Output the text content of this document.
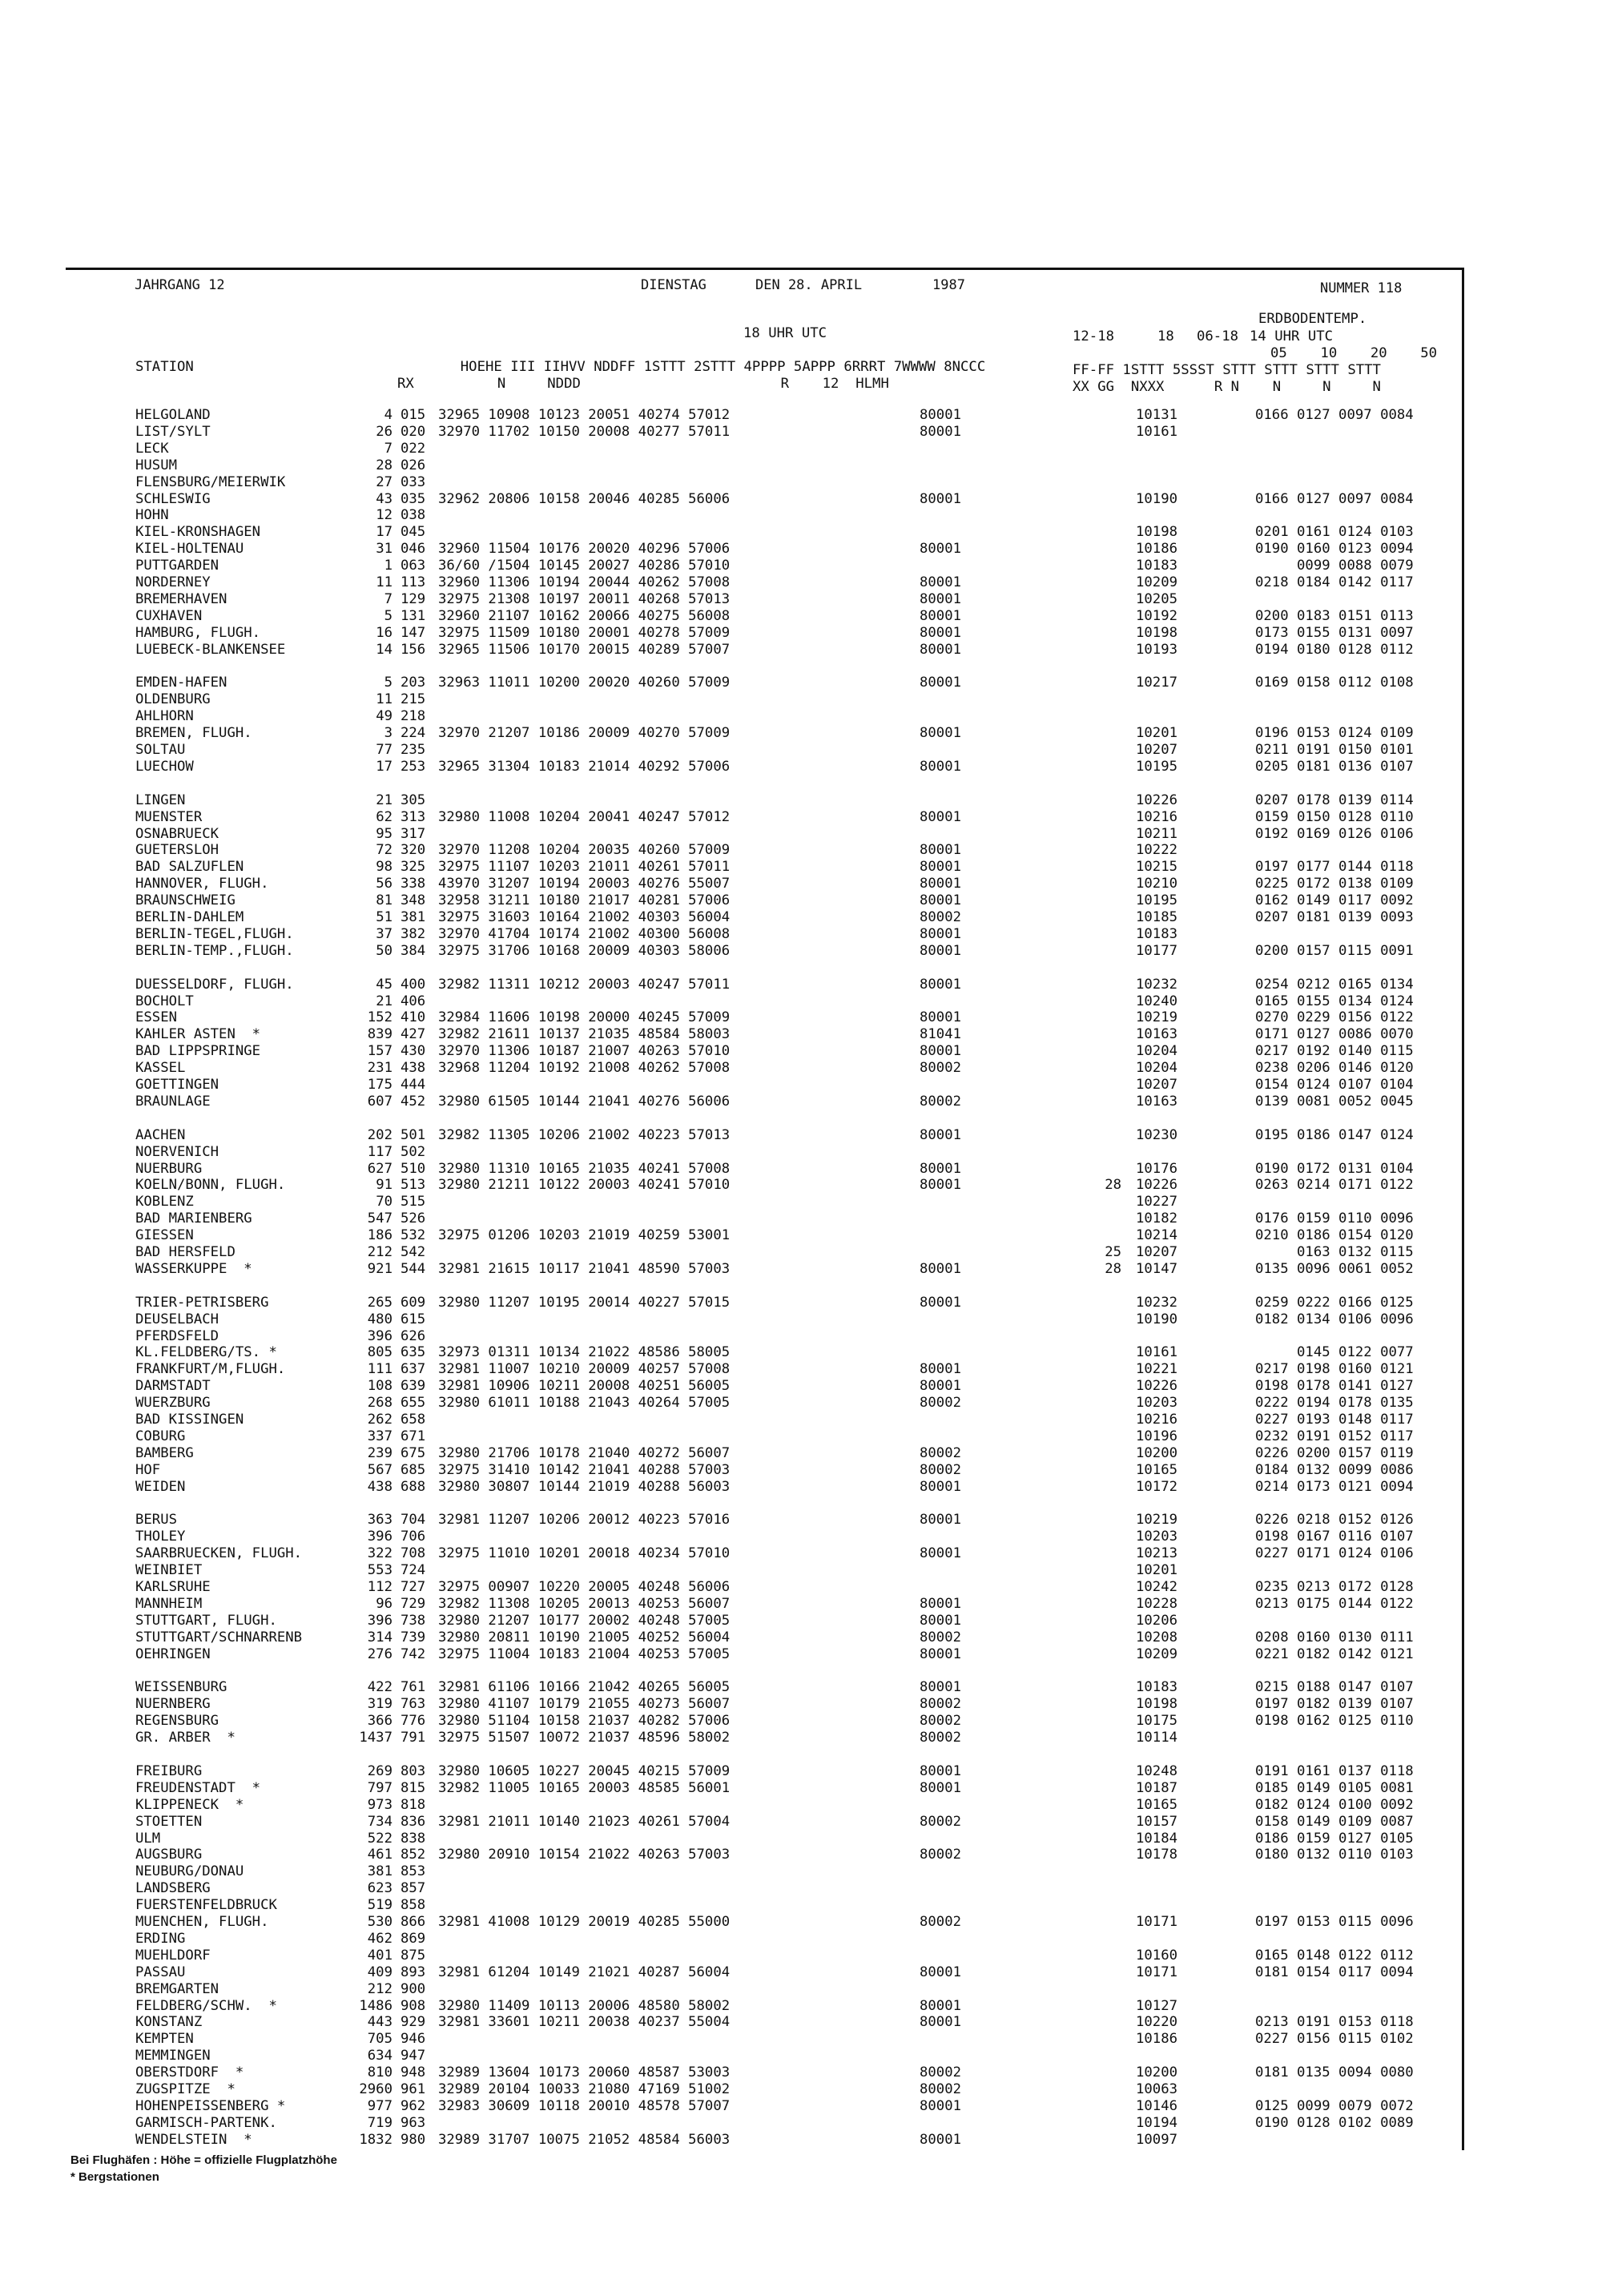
JAHRGANG 12	DIENSTAG	DEN 28. APRIL	1987	NUMMER 118
ERDBODENTEMP.
18 UHR UTC	12-18	18 06-18 14 UHR UTC
05    10    20    50
STATION                                HOEHE III IIHVV NDDFF 1STTT 2STTT 4PPPP 5APPP 6RRRT 7WWWW 8NCCC	FF-FF 1STTT 5SSST STTT STTT STTT STTT
RX          N     NDDD                        R    12  HLMH	XX GG  NXXX      R N    N     N     N
HELGOLAND	4 015 32965 10908 10123 20051 40274 57012	80001	10131	0166 0127 0097 0084
LIST/SYLT	26 020 32970 11702 10150 20008 40277 57011	80001	10161
LECK	7 022
HUSUM	28 026
FLENSBURG/MEIERWIK	27 033
SCHLESWIG	43 035 32962 20806 10158 20046 40285 56006	80001	10190	0166 0127 0097 0084
HOHN	12 038
KIEL-KRONSHAGEN	17 045	10198	0201 0161 0124 0103
KIEL-HOLTENAU	31 046 32960 11504 10176 20020 40296 57006	80001	10186	0190 0160 0123 0094
PUTTGARDEN	1 063 36/60 /1504 10145 20027 40286 57010	10183	0099 0088 0079
NORDERNEY	11 113 32960 11306 10194 20044 40262 57008	80001	10209	0218 0184 0142 0117
BREMERHAVEN	7 129 32975 21308 10197 20011 40268 57013	80001	10205
CUXHAVEN	5 131 32960 21107 10162 20066 40275 56008	80001	10192	0200 0183 0151 0113
HAMBURG, FLUGH.	16 147 32975 11509 10180 20001 40278 57009	80001	10198	0173 0155 0131 0097
LUEBECK-BLANKENSEE	14 156 32965 11506 10170 20015 40289 57007	80001	10193	0194 0180 0128 0112
EMDEN-HAFEN	5 203 32963 11011 10200 20020 40260 57009	80001	10217	0169 0158 0112 0108
OLDENBURG	11 215
AHLHORN	49 218
BREMEN, FLUGH.	3 224 32970 21207 10186 20009 40270 57009	80001	10201	0196 0153 0124 0109
SOLTAU	77 235	10207	0211 0191 0150 0101
LUECHOW	17 253 32965 31304 10183 21014 40292 57006	80001	10195	0205 0181 0136 0107
LINGEN	21 305	10226	0207 0178 0139 0114
MUENSTER	62 313 32980 11008 10204 20041 40247 57012	80001	10216	0159 0150 0128 0110
OSNABRUECK	95 317	10211	0192 0169 0126 0106
GUETERSLOH	72 320 32970 11208 10204 20035 40260 57009	80001	10222
BAD SALZUFLEN	98 325 32975 11107 10203 21011 40261 57011	80001	10215	0197 0177 0144 0118
HANNOVER, FLUGH.	56 338 43970 31207 10194 20003 40276 55007	80001	10210	0225 0172 0138 0109
BRAUNSCHWEIG	81 348 32958 31211 10180 21017 40281 57006	80001	10195	0162 0149 0117 0092
BERLIN-DAHLEM	51 381 32975 31603 10164 21002 40303 56004	80002	10185	0207 0181 0139 0093
BERLIN-TEGEL,FLUGH.	37 382 32970 41704 10174 21002 40300 56008	80001	10183
BERLIN-TEMP.,FLUGH.	50 384 32975 31706 10168 20009 40303 58006	80001	10177	0200 0157 0115 0091
DUESSELDORF, FLUGH.	45 400 32982 11311 10212 20003 40247 57011	80001	10232	0254 0212 0165 0134
BOCHOLT	21 406	10240	0165 0155 0134 0124
ESSEN	152 410 32984 11606 10198 20000 40245 57009	80001	10219	0270 0229 0156 0122
KAHLER ASTEN  *	839 427 32982 21611 10137 21035 48584 58003	81041	10163	0171 0127 0086 0070
BAD LIPPSPRINGE	157 430 32970 11306 10187 21007 40263 57010	80001	10204	0217 0192 0140 0115
KASSEL	231 438 32968 11204 10192 21008 40262 57008	80002	10204	0238 0206 0146 0120
GOETTINGEN	175 444	10207	0154 0124 0107 0104
BRAUNLAGE	607 452 32980 61505 10144 21041 40276 56006	80002	10163	0139 0081 0052 0045
AACHEN	202 501 32982 11305 10206 21002 40223 57013	80001	10230	0195 0186 0147 0124
NOERVENICH	117 502
NUERBURG	627 510 32980 11310 10165 21035 40241 57008	80001	10176	0190 0172 0131 0104
KOELN/BONN, FLUGH.	91 513 32980 21211 10122 20003 40241 57010	80001	28 10226	0263 0214 0171 0122
KOBLENZ	70 515	10227
BAD MARIENBERG	547 526	10182	0176 0159 0110 0096
GIESSEN	186 532 32975 01206 10203 21019 40259 53001	10214	0210 0186 0154 0120
BAD HERSFELD	212 542	25 10207	0163 0132 0115
WASSERKUPPE  *	921 544 32981 21615 10117 21041 48590 57003	80001	28 10147	0135 0096 0061 0052
TRIER-PETRISBERG	265 609 32980 11207 10195 20014 40227 57015	80001	10232	0259 0222 0166 0125
DEUSELBACH	480 615	10190	0182 0134 0106 0096
PFERDSFELD	396 626
KL.FELDBERG/TS. *	805 635 32973 01311 10134 21022 48586 58005	10161	0145 0122 0077
FRANKFURT/M,FLUGH.	111 637 32981 11007 10210 20009 40257 57008	80001	10221	0217 0198 0160 0121
DARMSTADT	108 639 32981 10906 10211 20008 40251 56005	80001	10226	0198 0178 0141 0127
WUERZBURG	268 655 32980 61011 10188 21043 40264 57005	80002	10203	0222 0194 0178 0135
BAD KISSINGEN	262 658	10216	0227 0193 0148 0117
COBURG	337 671	10196	0232 0191 0152 0117
BAMBERG	239 675 32980 21706 10178 21040 40272 56007	80002	10200	0226 0200 0157 0119
HOF	567 685 32975 31410 10142 21041 40288 57003	80002	10165	0184 0132 0099 0086
WEIDEN	438 688 32980 30807 10144 21019 40288 56003	80001	10172	0214 0173 0121 0094
BERUS	363 704 32981 11207 10206 20012 40223 57016	80001	10219	0226 0218 0152 0126
THOLEY	396 706	10203	0198 0167 0116 0107
SAARBRUECKEN, FLUGH.	322 708 32975 11010 10201 20018 40234 57010	80001	10213	0227 0171 0124 0106
WEINBIET	553 724	10201
KARLSRUHE	112 727 32975 00907 10220 20005 40248 56006	10242	0235 0213 0172 0128
MANNHEIM	96 729 32982 11308 10205 20013 40253 56007	80001	10228	0213 0175 0144 0122
STUTTGART, FLUGH.	396 738 32980 21207 10177 20002 40248 57005	80001	10206
STUTTGART/SCHNARRENB	314 739 32980 20811 10190 21005 40252 56004	80002	10208	0208 0160 0130 0111
OEHRINGEN	276 742 32975 11004 10183 21004 40253 57005	80001	10209	0221 0182 0142 0121
WEISSENBURG	422 761 32981 61106 10166 21042 40265 56005	80001	10183	0215 0188 0147 0107
NUERNBERG	319 763 32980 41107 10179 21055 40273 56007	80002	10198	0197 0182 0139 0107
REGENSBURG	366 776 32980 51104 10158 21037 40282 57006	80002	10175	0198 0162 0125 0110
GR. ARBER  *	1437 791 32975 51507 10072 21037 48596 58002	80002	10114
FREIBURG	269 803 32980 10605 10227 20045 40215 57009	80001	10248	0191 0161 0137 0118
FREUDENSTADT  *	797 815 32982 11005 10165 20003 48585 56001	80001	10187	0185 0149 0105 0081
KLIPPENECK  *	973 818	10165	0182 0124 0100 0092
STOETTEN	734 836 32981 21011 10140 21023 40261 57004	80002	10157	0158 0149 0109 0087
ULM	522 838	10184	0186 0159 0127 0105
AUGSBURG	461 852 32980 20910 10154 21022 40263 57003	80002	10178	0180 0132 0110 0103
NEUBURG/DONAU	381 853
LANDSBERG	623 857
FUERSTENFELDBRUCK	519 858
MUENCHEN, FLUGH.	530 866 32981 41008 10129 20019 40285 55000	80002	10171	0197 0153 0115 0096
ERDING	462 869
MUEHLDORF	401 875	10160	0165 0148 0122 0112
PASSAU	409 893 32981 61204 10149 21021 40287 56004	80001	10171	0181 0154 0117 0094
BREMGARTEN	212 900
FELDBERG/SCHW.  *	1486 908 32980 11409 10113 20006 48580 58002	80001	10127
KONSTANZ	443 929 32981 33601 10211 20038 40237 55004	80001	10220	0213 0191 0153 0118
KEMPTEN	705 946	10186	0227 0156 0115 0102
MEMMINGEN	634 947
OBERSTDORF  *	810 948 32989 13604 10173 20060 48587 53003	80002	10200	0181 0135 0094 0080
ZUGSPITZE  *	2960 961 32989 20104 10033 21080 47169 51002	80002	10063
HOHENPEISSENBERG *	977 962 32983 30609 10118 20010 48578 57007	80001	10146	0125 0099 0079 0072
GARMISCH-PARTENK.	719 963	10194	0190 0128 0102 0089
WENDELSTEIN  *	1832 980 32989 31707 10075 21052 48584 56003	80001	10097
Bei Flughäfen : Höhe = offizielle Flugplatzhöhe
* Bergstationen
